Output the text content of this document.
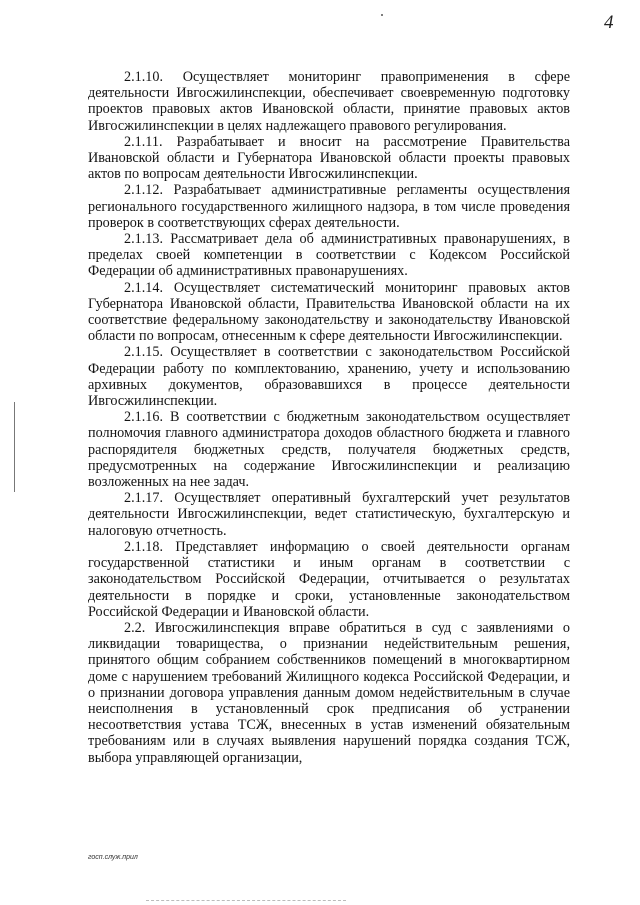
4

2.1.10. Осуществляет мониторинг правоприменения в сфере деятельности Ивгосжилинспекции, обеспечивает своевременную подготовку проектов правовых актов Ивановской области, принятие правовых актов Ивгосжилинспекции в целях надлежащего правового регулирования.

2.1.11. Разрабатывает и вносит на рассмотрение Правительства Ивановской области и Губернатора Ивановской области проекты правовых актов по вопросам деятельности Ивгосжилинспекции.

2.1.12. Разрабатывает административные регламенты осуществления регионального государственного жилищного надзора, в том числе проведения проверок в соответствующих сферах деятельности.

2.1.13. Рассматривает дела об административных правонарушениях, в пределах своей компетенции в соответствии с Кодексом Российской Федерации об административных правонарушениях.

2.1.14. Осуществляет систематический мониторинг правовых актов Губернатора Ивановской области, Правительства Ивановской области на их соответствие федеральному законодательству и законодательству Ивановской области по вопросам, отнесенным к сфере деятельности Ивгосжилинспекции.

2.1.15. Осуществляет в соответствии с законодательством Российской Федерации работу по комплектованию, хранению, учету и использованию архивных документов, образовавшихся в процессе деятельности Ивгосжилинспекции.

2.1.16. В соответствии с бюджетным законодательством осуществляет полномочия главного администратора доходов областного бюджета и главного распорядителя бюджетных средств, получателя бюджетных средств, предусмотренных на содержание Ивгосжилинспекции и реализацию возложенных на нее задач.

2.1.17. Осуществляет оперативный бухгалтерский учет результатов деятельности Ивгосжилинспекции, ведет статистическую, бухгалтерскую и налоговую отчетность.

2.1.18. Представляет информацию о своей деятельности органам государственной статистики и иным органам в соответствии с законодательством Российской Федерации, отчитывается о результатах деятельности в порядке и сроки, установленные законодательством Российской Федерации и Ивановской области.

2.2. Ивгосжилинспекция вправе обратиться в суд с заявлениями о ликвидации товарищества, о признании недействительным решения, принятого общим собранием собственников помещений в многоквартирном доме с нарушением требований Жилищного кодекса Российской Федерации, и о признании договора управления данным домом недействительным в случае неисполнения в установленный срок предписания об устранении несоответствия устава ТСЖ, внесенных в устав изменений обязательным требованиям или в случаях выявления нарушений порядка создания ТСЖ, выбора управляющей организации,

госп.служ.прил
